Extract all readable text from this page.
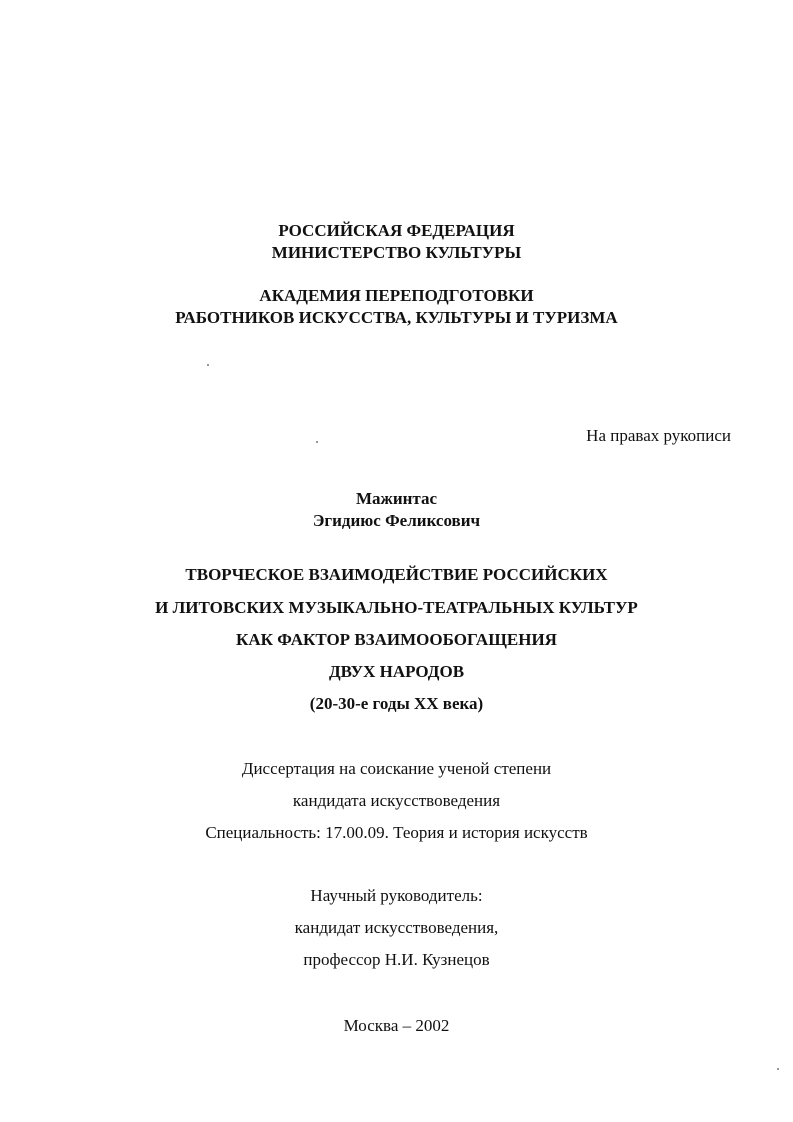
РОССИЙСКАЯ ФЕДЕРАЦИЯ
МИНИСТЕРСТВО КУЛЬТУРЫ
АКАДЕМИЯ ПЕРЕПОДГОТОВКИ
РАБОТНИКОВ ИСКУССТВА, КУЛЬТУРЫ И ТУРИЗМА
На правах рукописи
Мажинтас
Эгидиюс Феликсович
ТВОРЧЕСКОЕ ВЗАИМОДЕЙСТВИЕ РОССИЙСКИХ
И ЛИТОВСКИХ МУЗЫКАЛЬНО-ТЕАТРАЛЬНЫХ КУЛЬТУР
КАК ФАКТОР ВЗАИМООБОГАЩЕНИЯ
ДВУХ НАРОДОВ
(20-30-е годы XX века)
Диссертация на соискание ученой степени
кандидата искусствоведения
Специальность: 17.00.09. Теория и история искусств
Научный руководитель:
кандидат искусствоведения,
профессор Н.И. Кузнецов
Москва – 2002
